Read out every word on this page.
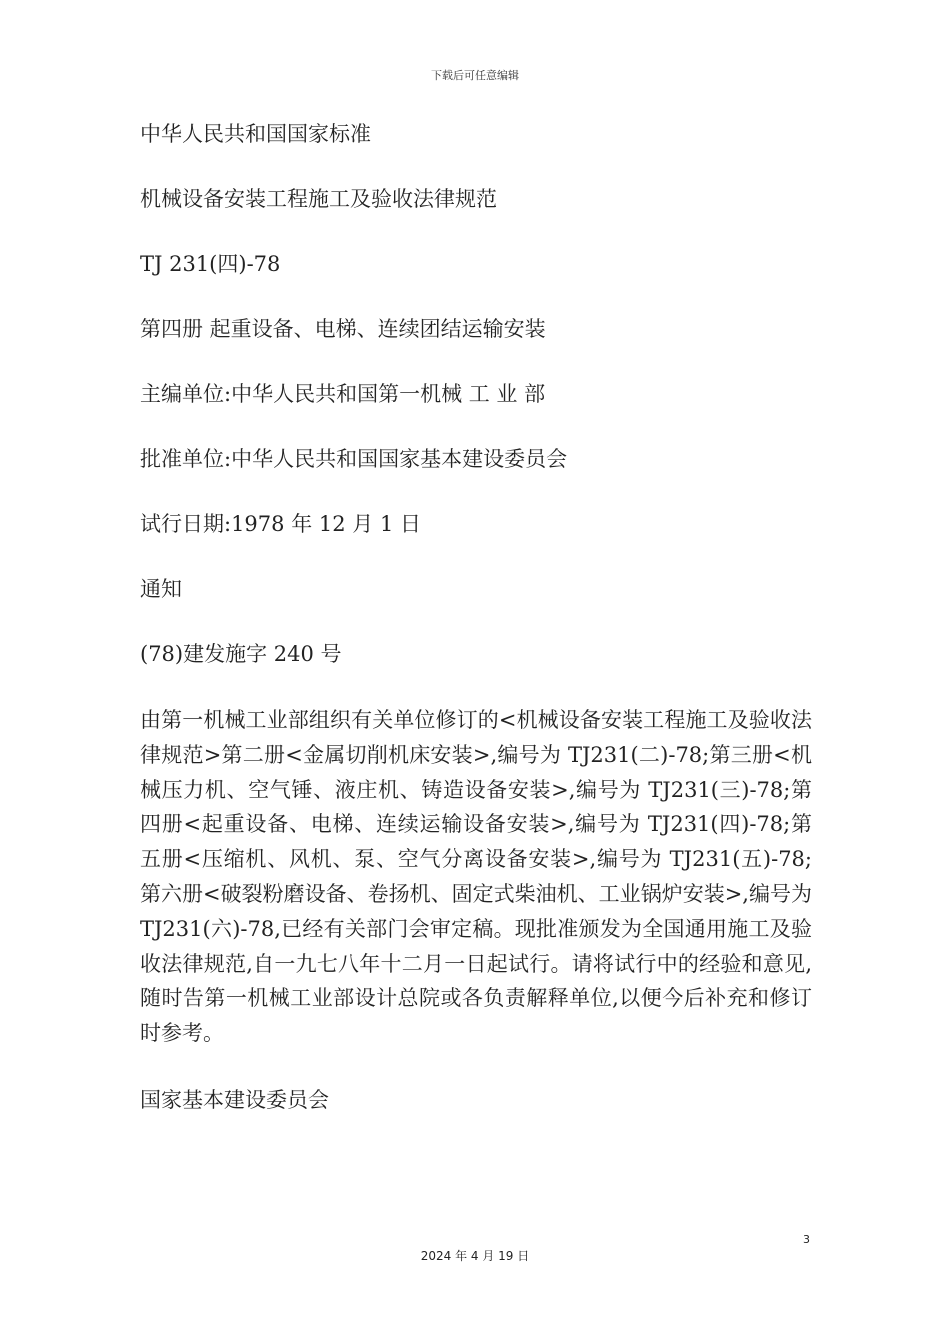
下载后可任意编辑
中华人民共和国国家标准
机械设备安装工程施工及验收法律规范
TJ 231(四)-78
第四册 起重设备、电梯、连续团结运输安装
主编单位:中华人民共和国第一机械 工 业 部
批准单位:中华人民共和国国家基本建设委员会
试行日期:1978 年 12 月 1 日
通知
(78)建发施字 240 号
由第一机械工业部组织有关单位修订的<机械设备安装工程施工及验收法律规范>第二册<金属切削机床安装>,编号为 TJ231(二)-78;第三册<机械压力机、空气锤、液庄机、铸造设备安装>,编号为 TJ231(三)-78;第四册<起重设备、电梯、连续运输设备安装>,编号为 TJ231(四)-78;第五册<压缩机、风机、泵、空气分离设备安装>,编号为 TJ231(五)-78;第六册<破裂粉磨设备、卷扬机、固定式柴油机、工业锅炉安装>,编号为 TJ231(六)-78,已经有关部门会审定稿。现批准颁发为全国通用施工及验收法律规范,自一九七八年十二月一日起试行。请将试行中的经验和意见,随时告第一机械工业部设计总院或各负责解释单位,以便今后补充和修订时参考。
国家基本建设委员会
3
2024 年 4 月 19 日
